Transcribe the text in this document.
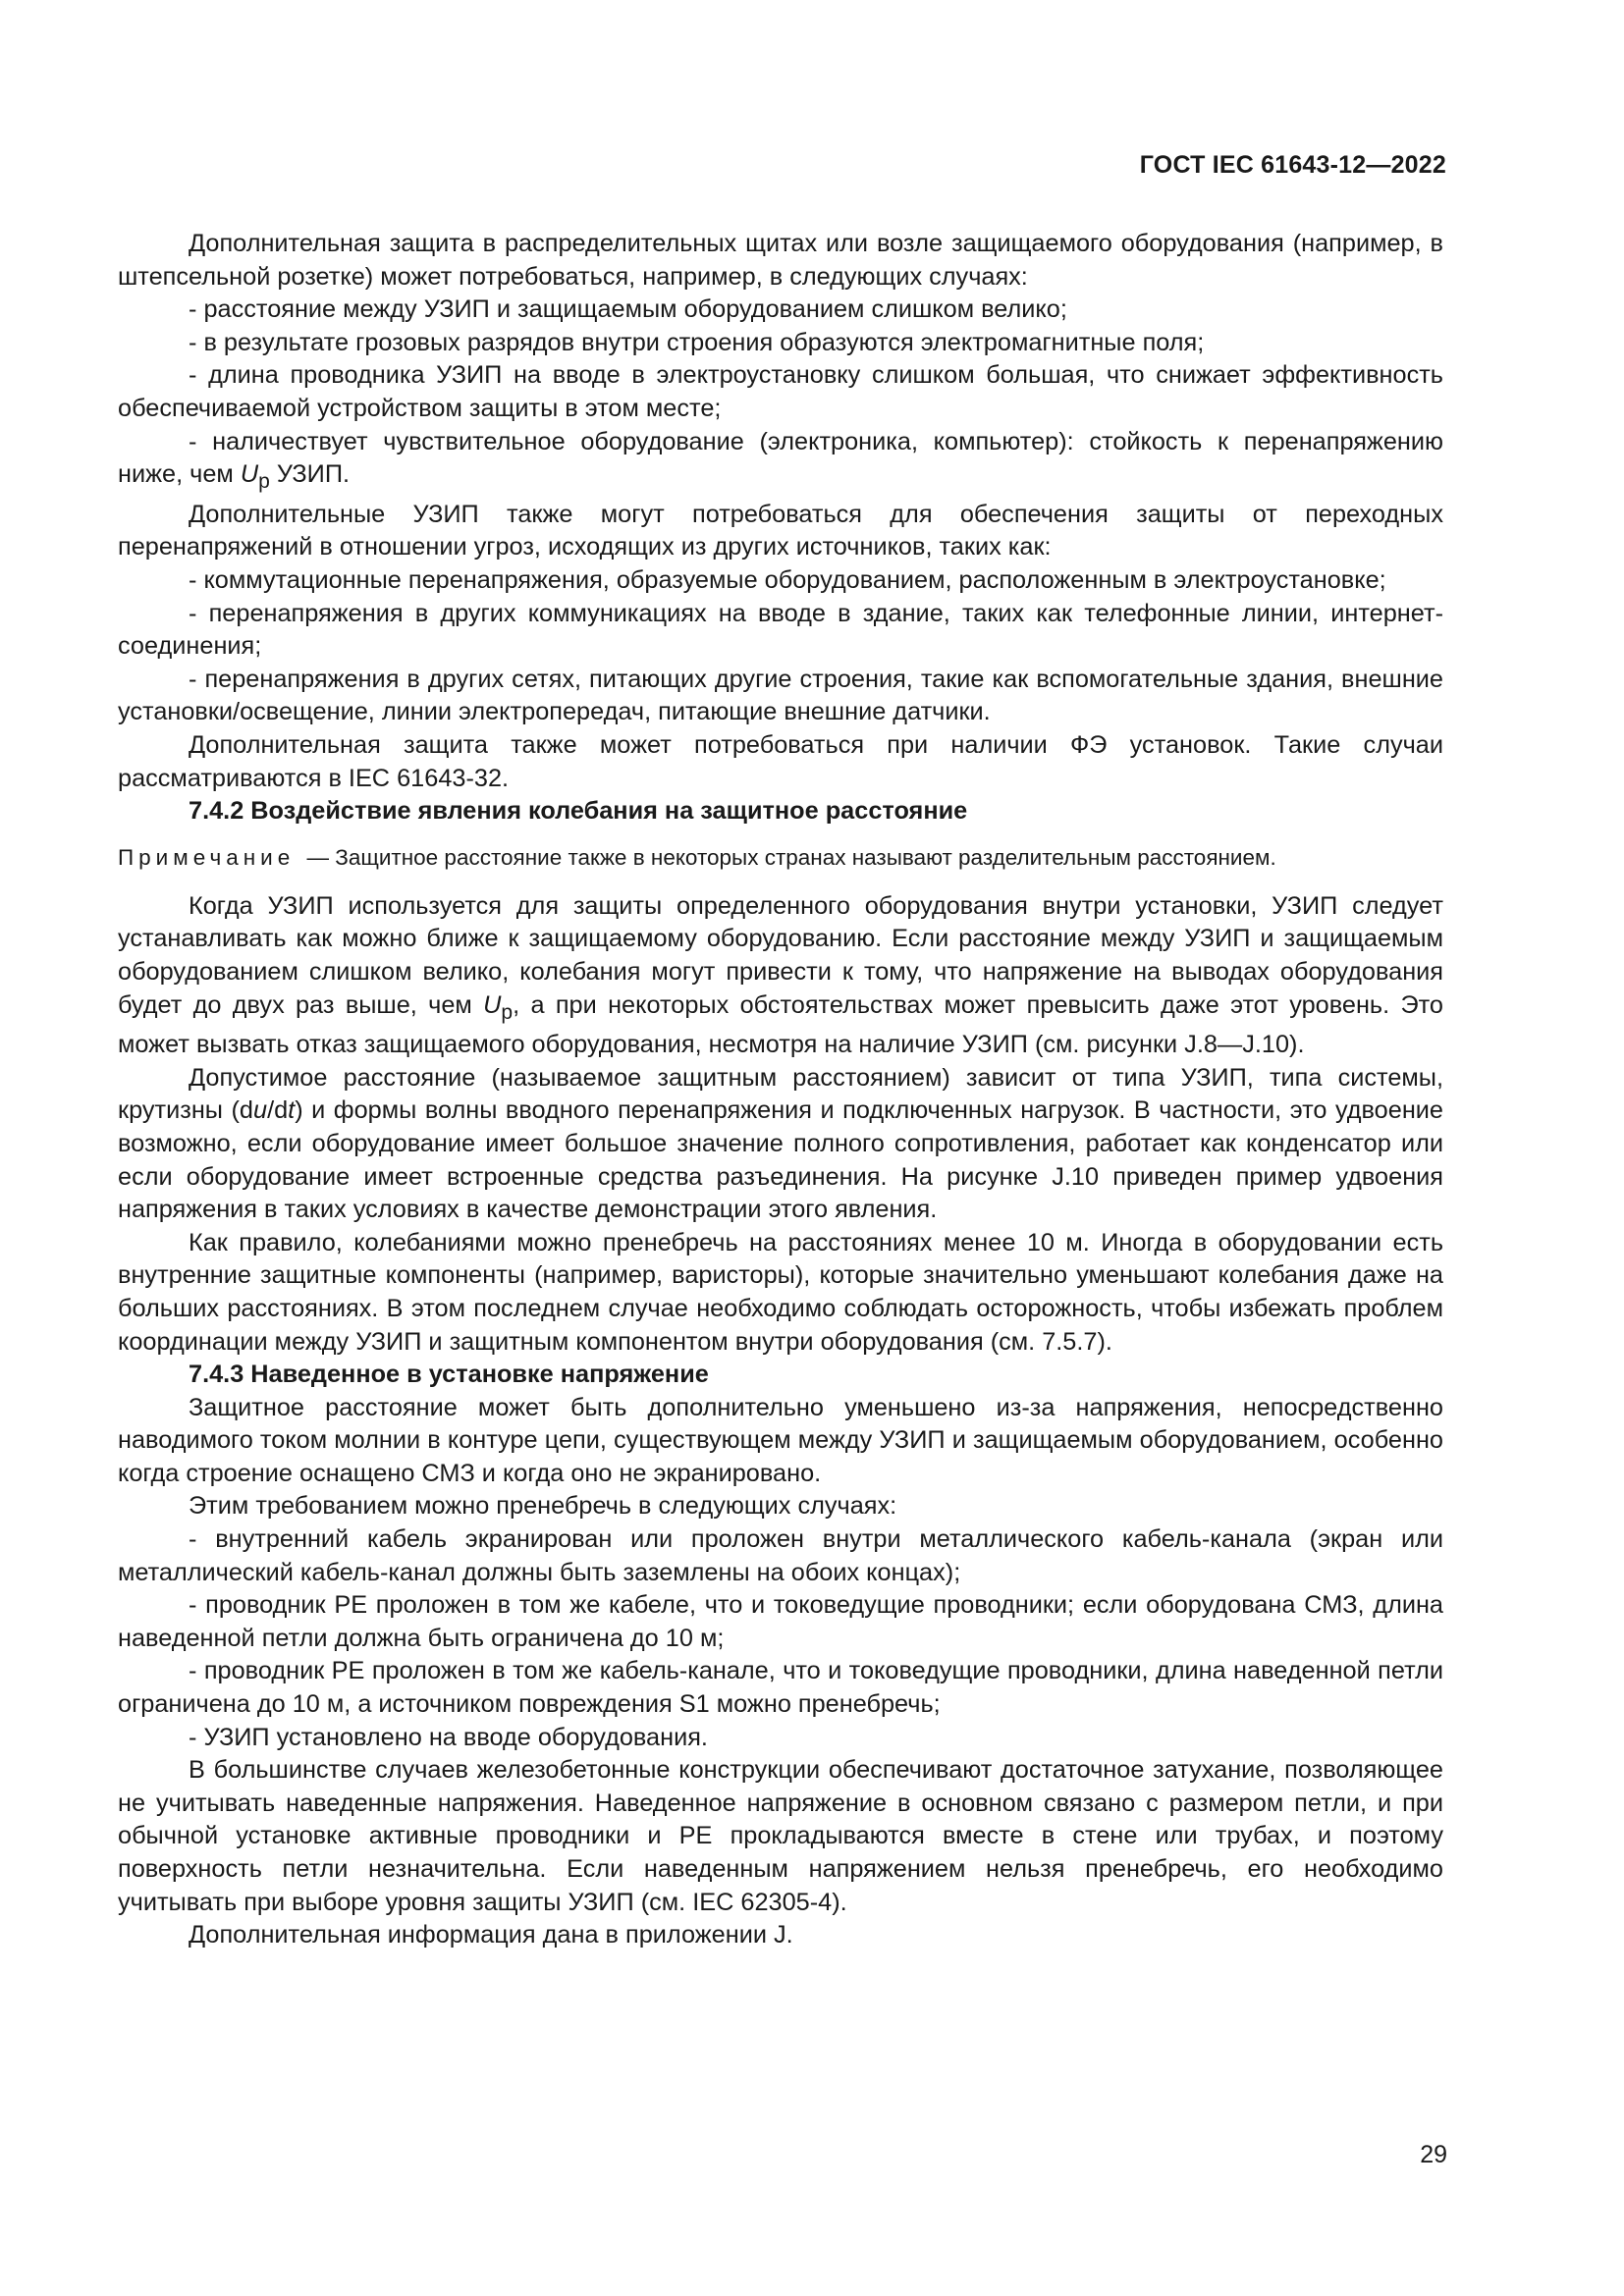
ГОСТ IEC 61643-12—2022

Дополнительная защита в распределительных щитах или возле защищаемого оборудования (например, в штепсельной розетке) может потребоваться, например, в следующих случаях:

- расстояние между УЗИП и защищаемым оборудованием слишком велико;

- в результате грозовых разрядов внутри строения образуются электромагнитные поля;

- длина проводника УЗИП на вводе в электроустановку слишком большая, что снижает эффективность обеспечиваемой устройством защиты в этом месте;

- наличествует чувствительное оборудование (электроника, компьютер): стойкость к перенапряжению ниже, чем $U_p$ УЗИП.

Дополнительные УЗИП также могут потребоваться для обеспечения защиты от переходных перенапряжений в отношении угроз, исходящих из других источников, таких как:

- коммутационные перенапряжения, образуемые оборудованием, расположенным в электроустановке;

- перенапряжения в других коммуникациях на вводе в здание, таких как телефонные линии, интернет-соединения;

- перенапряжения в других сетях, питающих другие строения, такие как вспомогательные здания, внешние установки/освещение, линии электропередач, питающие внешние датчики.

Дополнительная защита также может потребоваться при наличии ФЭ установок. Такие случаи рассматриваются в IEC 61643-32.

7.4.2 Воздействие явления колебания на защитное расстояние

Примечание — Защитное расстояние также в некоторых странах называют разделительным расстоянием.

Когда УЗИП используется для защиты определенного оборудования внутри установки, УЗИП следует устанавливать как можно ближе к защищаемому оборудованию. Если расстояние между УЗИП и защищаемым оборудованием слишком велико, колебания могут привести к тому, что напряжение на выводах оборудования будет до двух раз выше, чем $U_p$, а при некоторых обстоятельствах может превысить даже этот уровень. Это может вызвать отказ защищаемого оборудования, несмотря на наличие УЗИП (см. рисунки J.8—J.10).

Допустимое расстояние (называемое защитным расстоянием) зависит от типа УЗИП, типа системы, крутизны (du/dt) и формы волны вводного перенапряжения и подключенных нагрузок. В частности, это удвоение возможно, если оборудование имеет большое значение полного сопротивления, работает как конденсатор или если оборудование имеет встроенные средства разъединения. На рисунке J.10 приведен пример удвоения напряжения в таких условиях в качестве демонстрации этого явления.

Как правило, колебаниями можно пренебречь на расстояниях менее 10 м. Иногда в оборудовании есть внутренние защитные компоненты (например, варисторы), которые значительно уменьшают колебания даже на больших расстояниях. В этом последнем случае необходимо соблюдать осторожность, чтобы избежать проблем координации между УЗИП и защитным компонентом внутри оборудования (см. 7.5.7).

7.4.3 Наведенное в установке напряжение

Защитное расстояние может быть дополнительно уменьшено из-за напряжения, непосредственно наводимого током молнии в контуре цепи, существующем между УЗИП и защищаемым оборудованием, особенно когда строение оснащено СМЗ и когда оно не экранировано.

Этим требованием можно пренебречь в следующих случаях:

- внутренний кабель экранирован или проложен внутри металлического кабель-канала (экран или металлический кабель-канал должны быть заземлены на обоих концах);

- проводник PE проложен в том же кабеле, что и токоведущие проводники; если оборудована СМЗ, длина наведенной петли должна быть ограничена до 10 м;

- проводник PE проложен в том же кабель-канале, что и токоведущие проводники, длина наведенной петли ограничена до 10 м, а источником повреждения S1 можно пренебречь;

- УЗИП установлено на вводе оборудования.

В большинстве случаев железобетонные конструкции обеспечивают достаточное затухание, позволяющее не учитывать наведенные напряжения. Наведенное напряжение в основном связано с размером петли, и при обычной установке активные проводники и PE прокладываются вместе в стене или трубах, и поэтому поверхность петли незначительна. Если наведенным напряжением нельзя пренебречь, его необходимо учитывать при выборе уровня защиты УЗИП (см. IEC 62305-4).

Дополнительная информация дана в приложении J.

29
